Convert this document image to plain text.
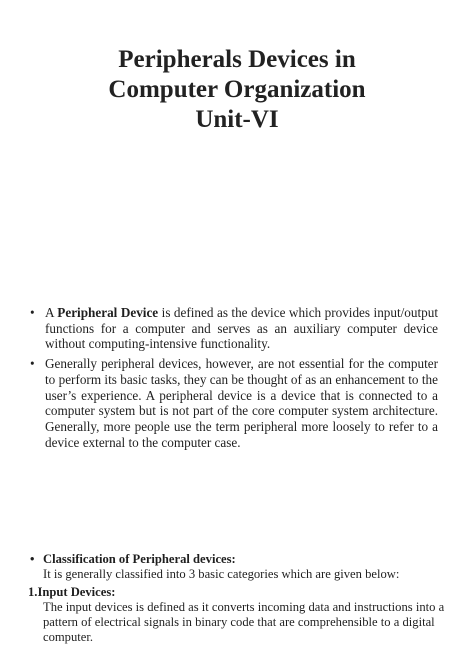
Peripherals Devices in
Computer Organization
Unit-VI
• A Peripheral Device is defined as the device which provides input/output functions for a computer and serves as an auxiliary computer device without computing-intensive functionality.
• Generally peripheral devices, however, are not essential for the computer to perform its basic tasks, they can be thought of as an enhancement to the user’s experience. A peripheral device is a device that is connected to a computer system but is not part of the core computer system architecture. Generally, more people use the term peripheral more loosely to refer to a device external to the computer case.
• Classification of Peripheral devices:
It is generally classified into 3 basic categories which are given below:
1.Input Devices:
The input devices is defined as it converts incoming data and instructions into a pattern of electrical signals in binary code that are comprehensible to a digital computer.
